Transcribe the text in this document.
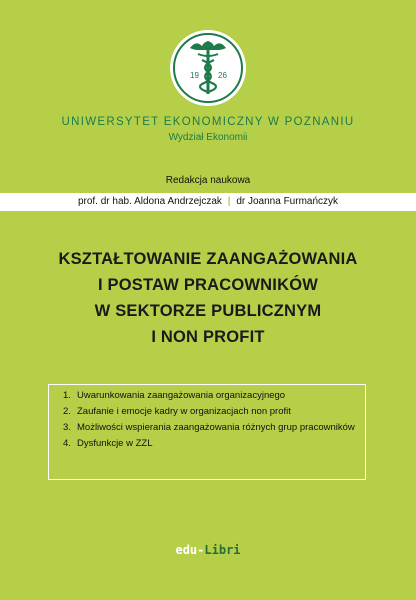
19 26
UNIWERSYTET EKONOMICZNY W POZNANIU
Wydział Ekonomii
Redakcja naukowa
prof. dr hab. Aldona Andrzejczak | dr Joanna Furmańczyk
KSZTAŁTOWANIE ZAANGAŻOWANIA
I POSTAW PRACOWNIKÓW
W SEKTORZE PUBLICZNYM
I NON PROFIT
1. Uwarunkowania zaangażowania organizacyjnego
2. Zaufanie i emocje kadry w organizacjach non profit
3. Możliwości wspierania zaangażowania różnych grup pracowników
4. Dysfunkcje w ZZL
edu-Libri
